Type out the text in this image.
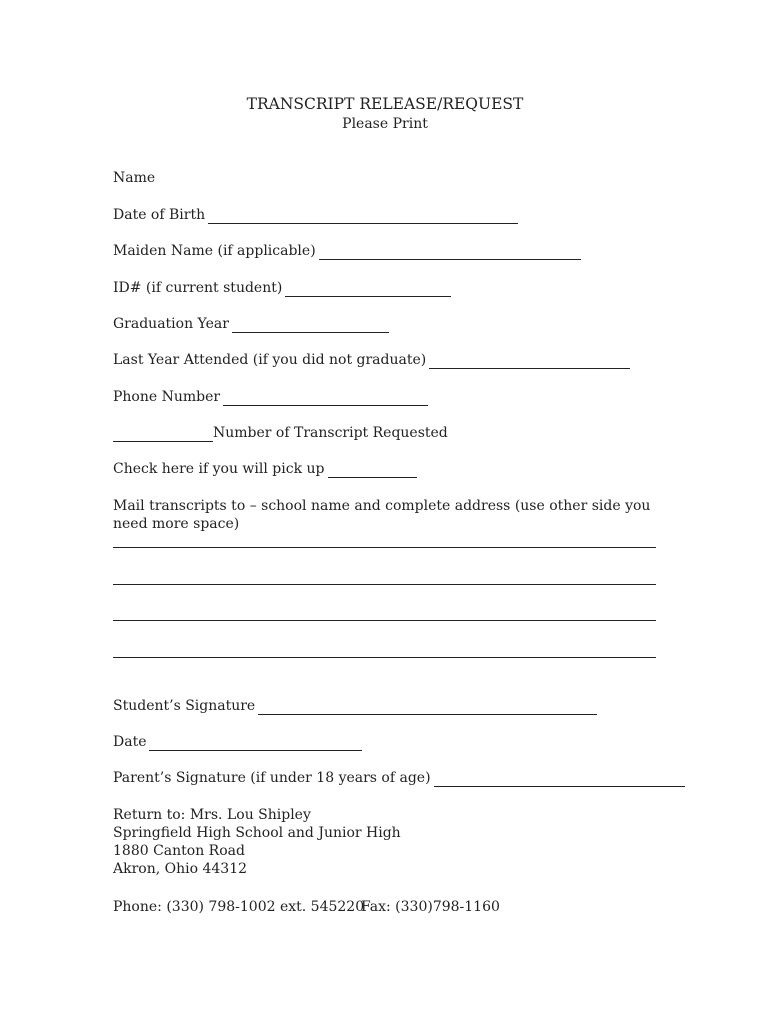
TRANSCRIPT RELEASE/REQUEST
Please Print
Name
Date of Birth
Maiden Name (if applicable)
ID# (if current student)
Graduation Year
Last Year Attended (if you did not graduate)
Phone Number
Number of Transcript Requested
Check here if you will pick up
Mail transcripts to – school name and complete address (use other side you need more space)
Student’s Signature
Date
Parent’s Signature (if under 18 years of age)
Return to: Mrs. Lou Shipley
Springfield High School and Junior High
1880 Canton Road
Akron, Ohio 44312
Phone: (330) 798-1002 ext. 545220
Fax: (330)798-1160
